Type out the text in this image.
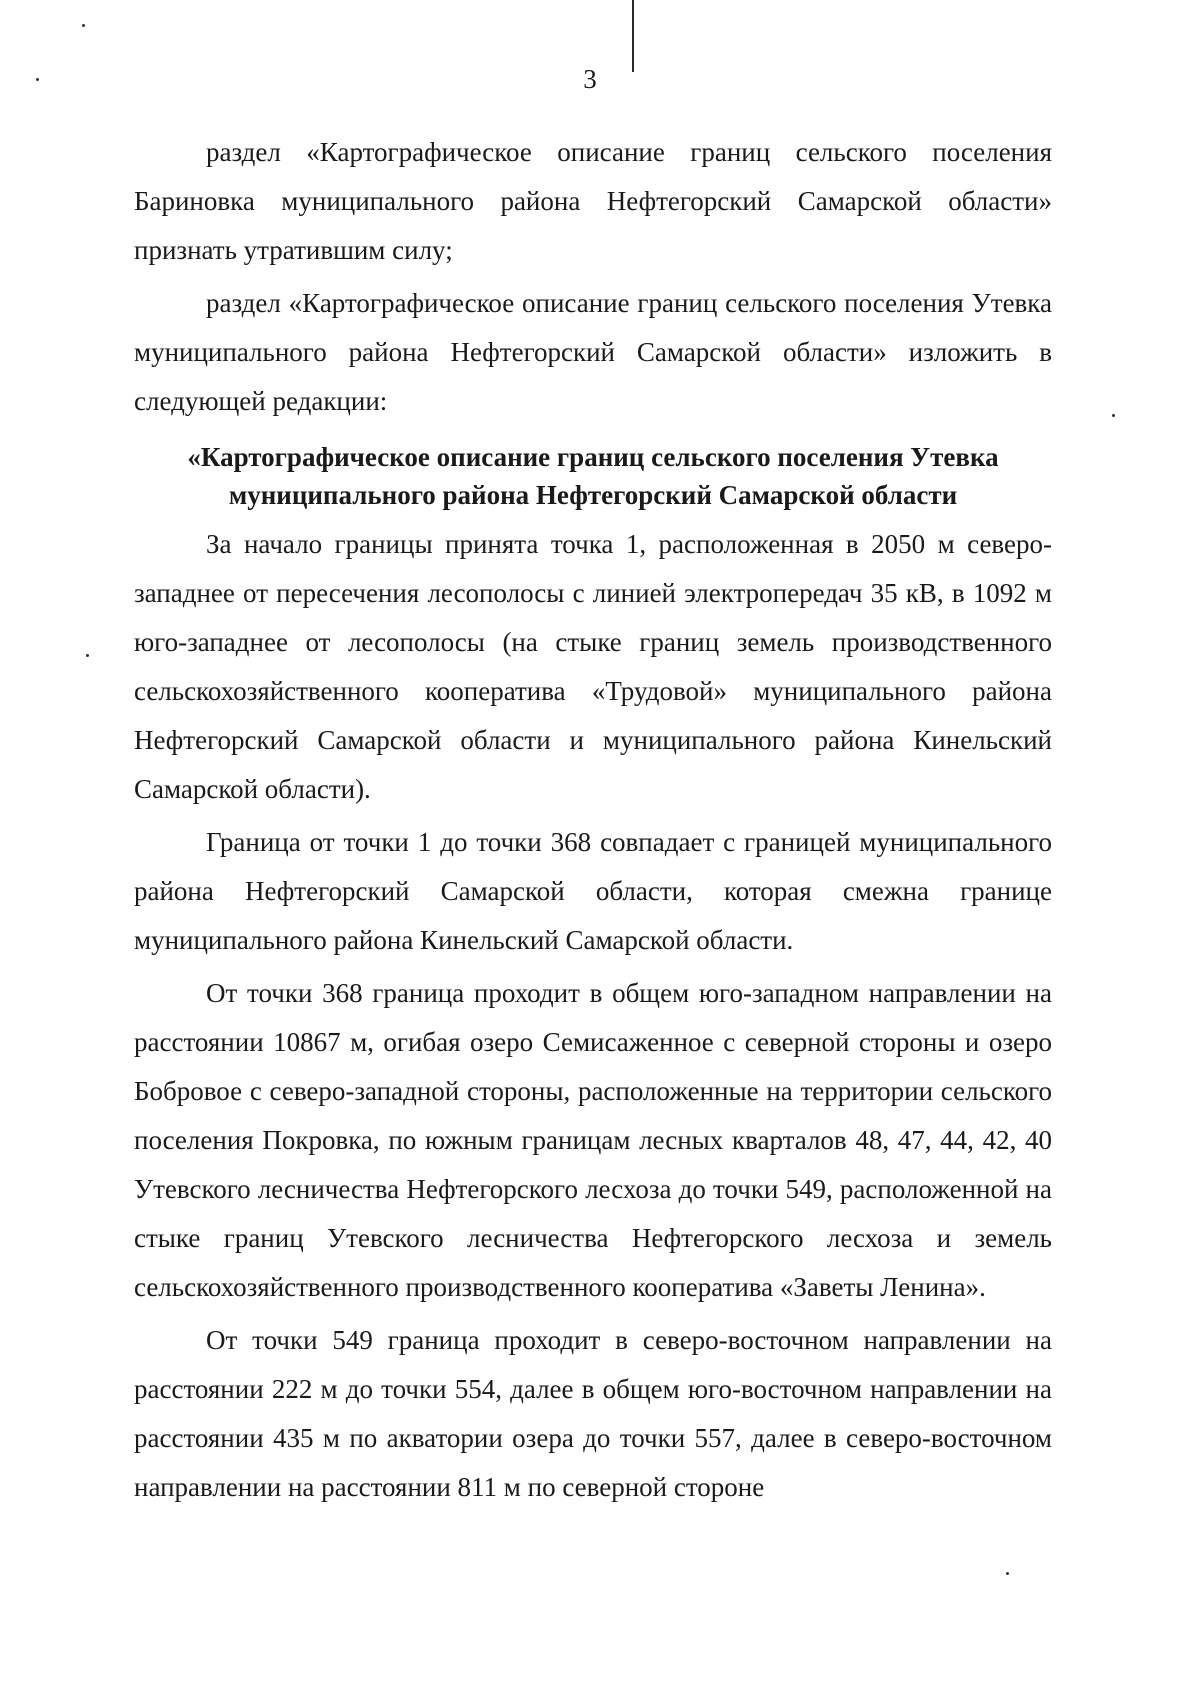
3

раздел «Картографическое описание границ сельского поселения Бариновка муниципального района Нефтегорский Самарской области» признать утратившим силу;

раздел «Картографическое описание границ сельского поселения Утевка муниципального района Нефтегорский Самарской области» изложить в следующей редакции:

«Картографическое описание границ сельского поселения Утевка
муниципального района Нефтегорский Самарской области

За начало границы принята точка 1, расположенная в 2050 м северо-западнее от пересечения лесополосы с линией электропередач 35 кВ, в 1092 м юго-западнее от лесополосы (на стыке границ земель производственного сельскохозяйственного кооператива «Трудовой» муниципального района Нефтегорский Самарской области и муниципального района Кинельский Самарской области).

Граница от точки 1 до точки 368 совпадает с границей муниципального района Нефтегорский Самарской области, которая смежна границе муниципального района Кинельский Самарской области.

От точки 368 граница проходит в общем юго-западном направлении на расстоянии 10867 м, огибая озеро Семисаженное с северной стороны и озеро Бобровое с северо-западной стороны, расположенные на территории сельского поселения Покровка, по южным границам лесных кварталов 48, 47, 44, 42, 40 Утевского лесничества Нефтегорского лесхоза до точки 549, расположенной на стыке границ Утевского лесничества Нефтегорского лесхоза и земель сельскохозяйственного производственного кооператива «Заветы Ленина».

От точки 549 граница проходит в северо-восточном направлении на расстоянии 222 м до точки 554, далее в общем юго-восточном направлении на расстоянии 435 м по акватории озера до точки 557, далее в северо-восточном направлении на расстоянии 811 м по северной стороне
